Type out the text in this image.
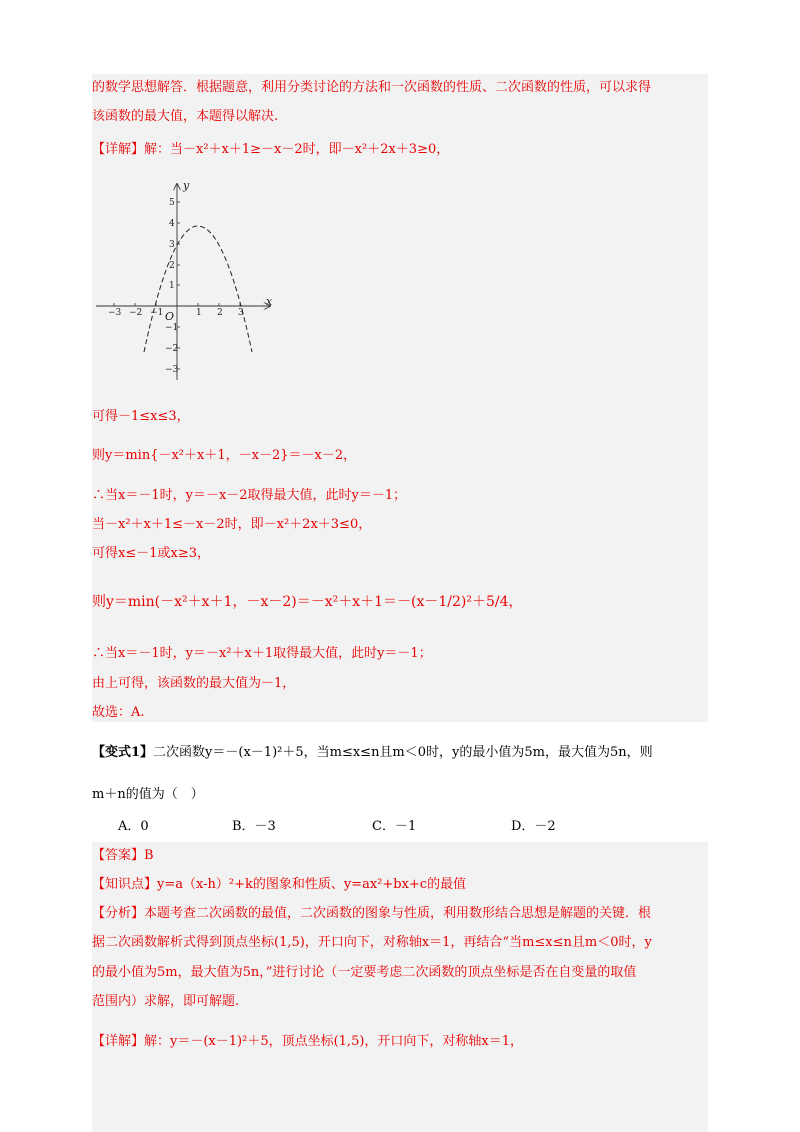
的数学思想解答．根据题意，利用分类讨论的方法和一次函数的性质、二次函数的性质，可以求得
该函数的最大值，本题得以解决.
【详解】解：当－x²＋x＋1≥－x－2时，即－x²＋2x＋3≥0，
y
x
O
−3 −2 −1	1 2 3
5
4
3
2
1
−1
−2
−3
可得－1≤x≤3，
则y＝min{－x²＋x＋1，－x－2}＝－x－2，
∴当x＝－1时，y＝－x－2取得最大值，此时y＝－1；
当－x²＋x＋1≤－x－2时，即－x²＋2x＋3≤0，
可得x≤－1或x≥3，
则y＝min(－x²＋x＋1，－x－2)＝－x²＋x＋1＝－(x－1/2)²＋5/4，
∴当x＝－1时，y＝－x²＋x＋1取得最大值，此时y＝－1；
由上可得，该函数的最大值为－1，
故选：A.
【变式1】二次函数y＝－(x－1)²＋5，当m≤x≤n且m＜0时，y的最小值为5m，最大值为5n，则
m＋n的值为（　）
A．0	B．－3	C．－1	D．－2
【答案】B
【知识点】y=a（x-h）²+k的图象和性质、y=ax²+bx+c的最值
【分析】本题考查二次函数的最值，二次函数的图象与性质，利用数形结合思想是解题的关键．根
据二次函数解析式得到顶点坐标(1,5)，开口向下，对称轴x＝1，再结合“当m≤x≤n且m＜0时，y
的最小值为5m，最大值为5n，”进行讨论（一定要考虑二次函数的顶点坐标是否在自变量的取值
范围内）求解，即可解题.
【详解】解：y＝－(x－1)²＋5，顶点坐标(1,5)，开口向下，对称轴x＝1，
